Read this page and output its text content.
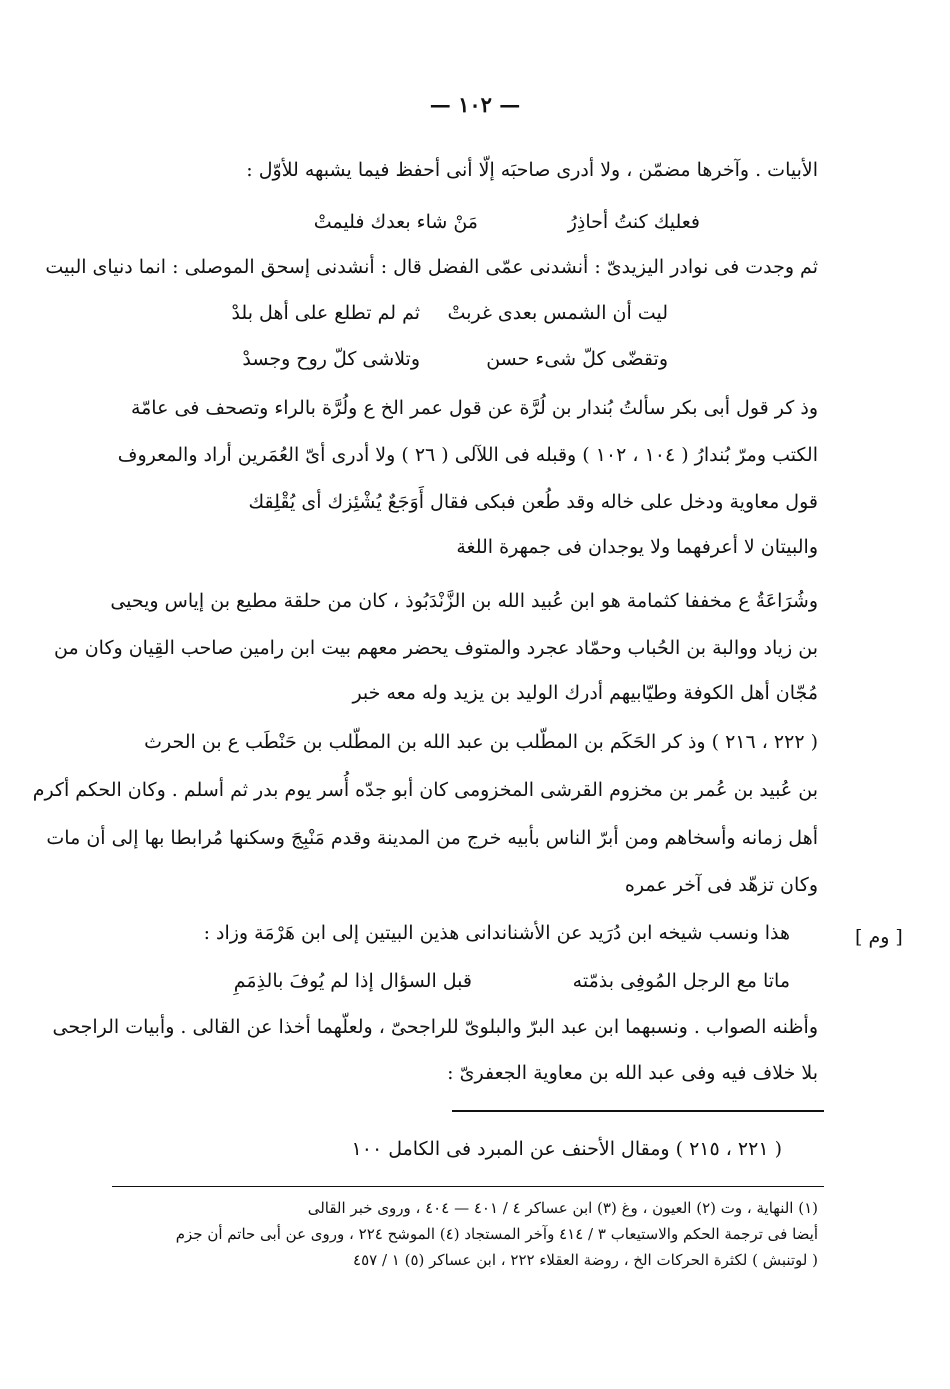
— ١٠٢ —
الأبيات . وآخرها مضمّن ، ولا أدرى صاحبَه إلّا أنى أحفظ فيما يشبهه للأوّل :
مَنْ شاء بعدك فليمتْ	فعليك كنتُ أحاذِرُ
ثم وجدت فى نوادر اليزيدىّ : أنشدنى عمّى الفضل قال : أنشدنى إسحق الموصلى : انما دنياى البيت
ليت أن الشمس بعدى غربتْ
ثم لم تطلع على أهل بلدْ
وتقضّى كلّ شىء حسن
وتلاشى كلّ روح وجسدْ
وذ كر قول أبى بكر سألتُ بُندار بن لُرَّة عن قول عمر الخ ع ولُرَّة بالراء وتصحف فى عامّة
الكتب ومرّ بُندارُ ( ١٠٤ ، ١٠٢ ) وقبله فى اللآلى ( ٢٦ ) ولا أدرى أىّ العُمَرين أراد والمعروف
قول معاوية ودخل على خاله وقد طُعن فبكى فقال أَوَجَعٌ يُشْئِزك أى يُقْلِقك
والبيتان لا أعرفهما ولا يوجدان فى جمهرة اللغة
وشُرَاعَةُ ع مخففا كثمامة هو ابن عُبيد الله بن الزَّنْدَبُوذ ، كان من حلقة مطيع بن إياس ويحيى
بن زياد ووالبة بن الحُباب وحمّاد عجرد والمتوف يحضر معهم بيت ابن رامين صاحب القِيان وكان من
مُجّان أهل الكوفة وطيّابيهم أدرك الوليد بن يزيد وله معه خبر
( ٢٢٢ ، ٢١٦ ) وذ كر الحَكَم بن المطّلب بن عبد الله بن المطّلب بن حَنْطَب ع بن الحرث
بن عُبيد بن عُمر بن مخزوم القرشى المخزومى كان أبو جدّه أُسر يوم بدر ثم أسلم . وكان الحكم أكرم
أهل زمانه وأسخاهم ومن أبرّ الناس بأبيه خرج من المدينة وقدم مَنْبِجَ وسكنها مُرابطا بها إلى أن مات
وكان تزهّد فى آخر عمره
هذا ونسب شيخه ابن دُرَيد عن الأشناندانى هذين البيتين إلى ابن هَرْمَة وزاد :	[ وم ]
ماتا مع الرجل المُوفِى بذمّته
قبل السؤال إذا لم يُوفَ بالذِمَمِ
وأظنه الصواب . ونسبهما ابن عبد البرّ والبلوىّ للراجحىّ ، ولعلّهما أخذا عن القالى . وأبيات الراجحى
بلا خلاف فيه وفى عبد الله بن معاوية الجعفرىّ :
( ٢٢١ ، ٢١٥ ) ومقال الأحنف عن المبرد فى الكامل ١٠٠
(١) النهاية ، وت (٢) العيون ، وغ (٣) ابن عساكر ٤ / ٤٠١ — ٤٠٤ ، وروى خبر القالى
أيضا فى ترجمة الحكم والاستيعاب ٣ / ٤١٤ وآخر المستجاد (٤) الموشح ٢٢٤ ، وروى عن أبى حاتم أن جزم
( لوتنبش ) لكثرة الحركات الخ ، روضة العقلاء ٢٢٢ ، ابن عساكر (٥) ١ / ٤٥٧
